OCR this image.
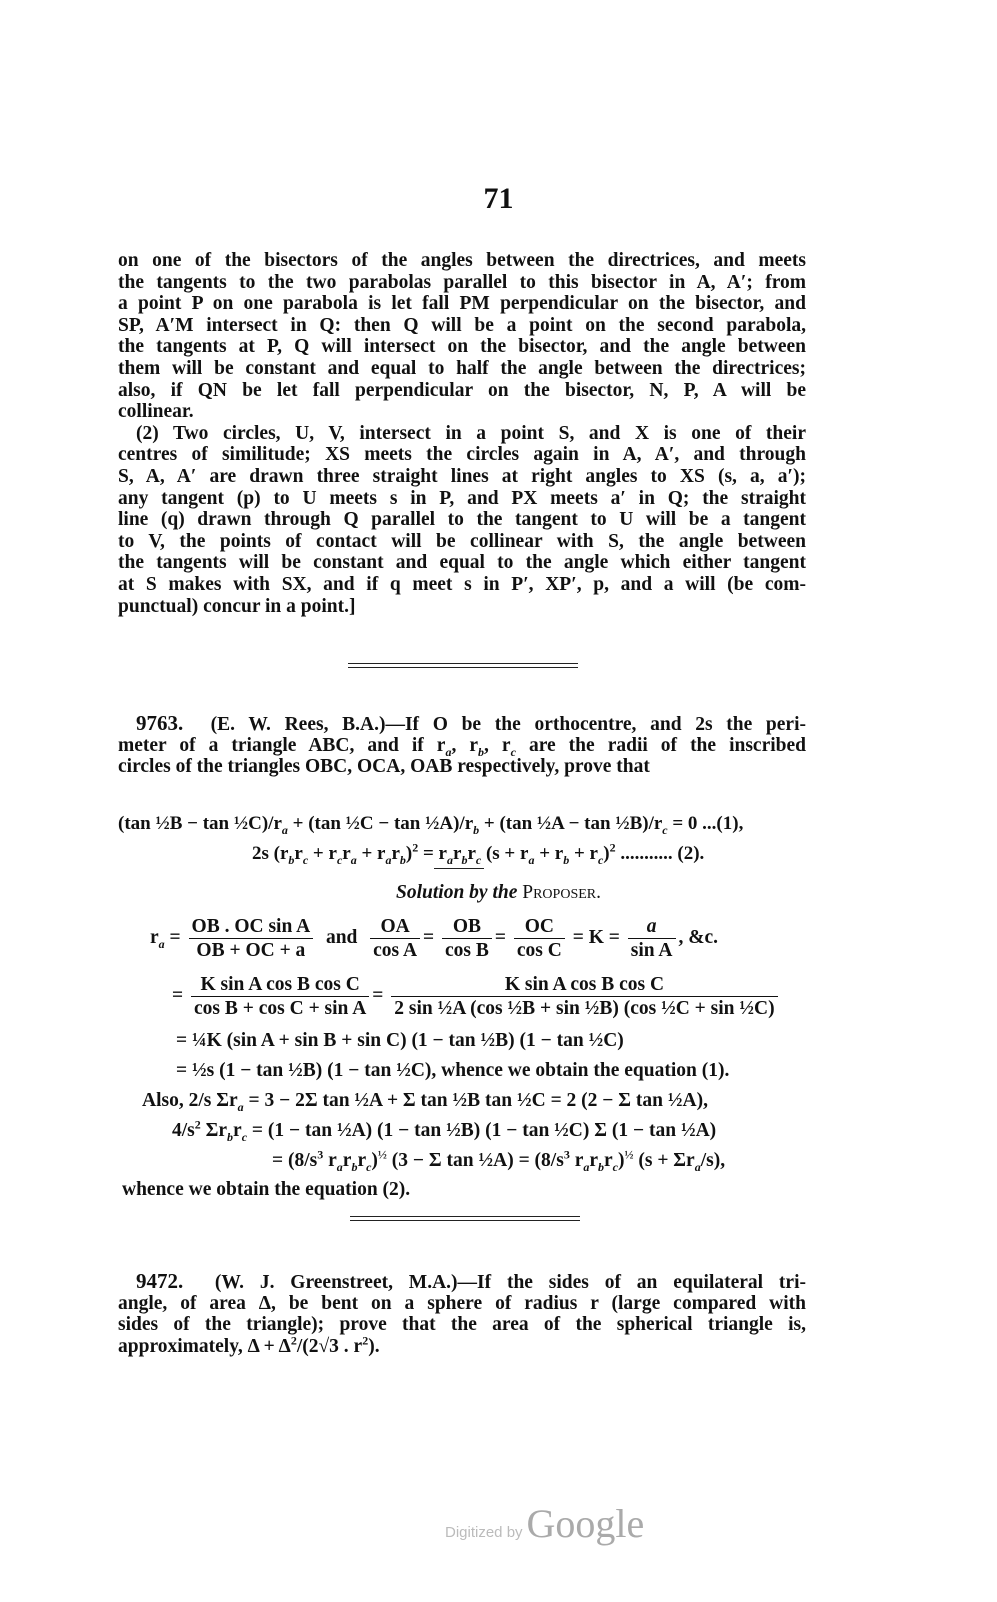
71
on one of the bisectors of the angles between the directrices, and meets
the tangents to the two parabolas parallel to this bisector in A, A′; from
a point P on one parabola is let fall PM perpendicular on the bisector, and
SP, A′M intersect in Q: then Q will be a point on the second parabola,
the tangents at P, Q will intersect on the bisector, and the angle between
them will be constant and equal to half the angle between the directrices;
also, if QN be let fall perpendicular on the bisector, N, P, A will be
collinear.
(2) Two circles, U, V, intersect in a point S, and X is one of their
centres of similitude; XS meets the circles again in A, A′, and through
S, A, A′ are drawn three straight lines at right angles to XS (s, a, a′);
any tangent (p) to U meets s in P, and PX meets a′ in Q; the straight
line (q) drawn through Q parallel to the tangent to U will be a tangent
to V, the points of contact will be collinear with S, the angle between
the tangents will be constant and equal to the angle which either tangent
at S makes with SX, and if q meet s in P′, XP′, p, and a will (be com-
punctual) concur in a point.]
9763. (E. W. Rees, B.A.)—If O be the orthocentre, and 2s the peri-
meter of a triangle ABC, and if $r_a$, $r_b$, $r_c$ are the radii of the inscribed
circles of the triangles OBC, OCA, OAB respectively, prove that
(tan ½B − $\tan \frac{1}{2}C)/r_a + (\tan$ ½C − $\tan \frac{1}{2}A)/r_b + (\tan$ ½A − $\tan \frac{1}{2}B)/r_c = 0$ ...(1),
2s $(r_br_c + r_cr_a + r_ar_b)^2 = r_ar_br_c$ $(s + r_a + r_b + r_c)^2$ ........... (2).
Solution by the Proposer.
$r_a = \frac{\text{OB . OC sin A}}{OB + OC + a}$ and $\frac{OA}{\text{cos A}} = \frac{OB}{\text{cos B}} = \frac{OC}{\text{cos C}} = K = \frac{a}{\text{sin A}}$ , &c.
= $\frac{\text{K sin A cos B cos C}}{\text{cos B + cos C + sin A}} = \frac{\text{K sin A cos B cos C}}{\text{2 sin ½A (cos ½B + sin ½B) (cos ½C + sin ½C)}}$
= ¼K (sin A + sin B + sin C) (1 − tan ½B) (1 − tan ½C)
= ½s (1 − tan ½B) (1 − tan ½C), whence we obtain the equation (1).
Also, 2/s $\Sigma r_a = 3 - 2\Sigma$ tan ½A + Σ tan ½B tan ½C = 2 (2 − Σ tan ½A),
$4/s^2$ $\Sigma r_br_c = (1 - \tan$ ½A) (1 − tan ½B) (1 − tan ½C) Σ (1 − tan ½A)
= ($8/s^3$ $r_ar_br_c)^{\frac{1}{2}}$ (3 − Σ tan ½A) = ($8/s^3$ $r_ar_br_c)^{\frac{1}{2}}$ $(s + \Sigma r_a/s)$,
whence we obtain the equation (2).
9472. (W. J. Greenstreet, M.A.)—If the sides of an equilateral tri-
angle, of area Δ, be bent on a sphere of radius r (large compared with
sides of the triangle); prove that the area of the spherical triangle is,
approximately, $\Delta + \Delta^2/(2√3$ . $r^2$).
Digitized by Google
